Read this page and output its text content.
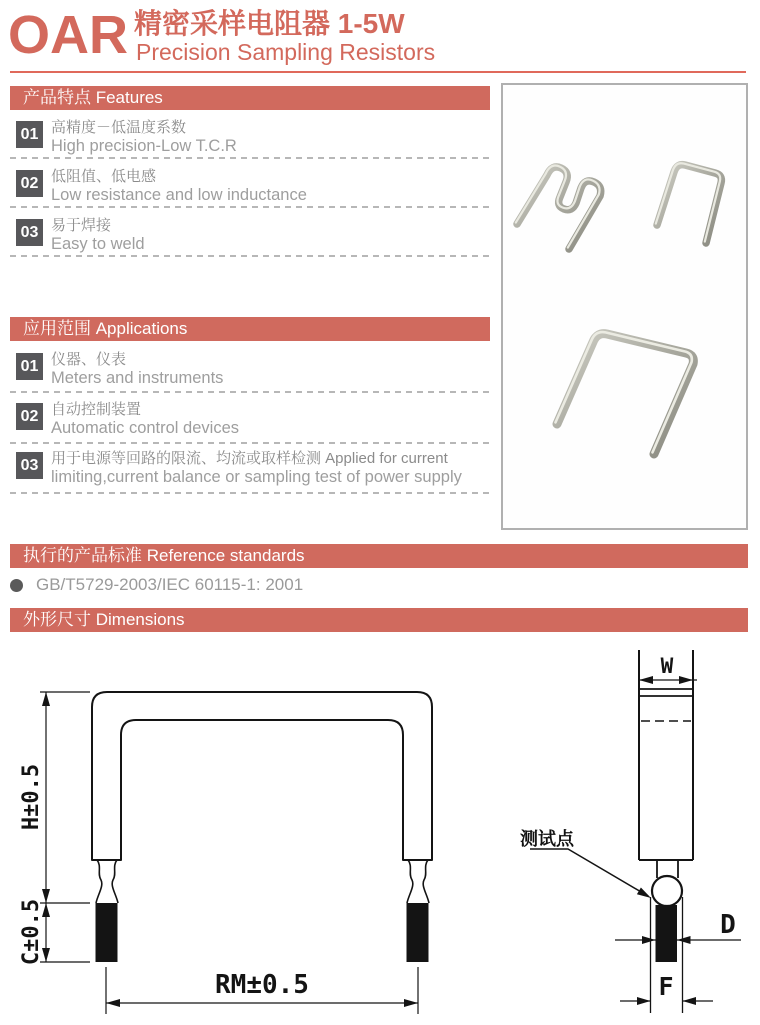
OAR 精密采样电阻器 1-5W
Precision Sampling Resistors
产品特点 Features
01 高精度－低温度系数
High precision-Low T.C.R
02 低阻值、低电感
Low resistance and low inductance
03 易于焊接
Easy to weld
应用范围 Applications
01 仪器、仪表
Meters and instruments
02 自动控制装置
Automatic control devices
03 用于电源等回路的限流、均流或取样检测 Applied for current
limiting,current balance or sampling test of power supply
执行的产品标准 Reference standards
GB/T5729-2003/IEC 60115-1: 2001
外形尺寸 Dimensions
H±0.5
C±0.5
RM±0.5
W
D
F
测试点
